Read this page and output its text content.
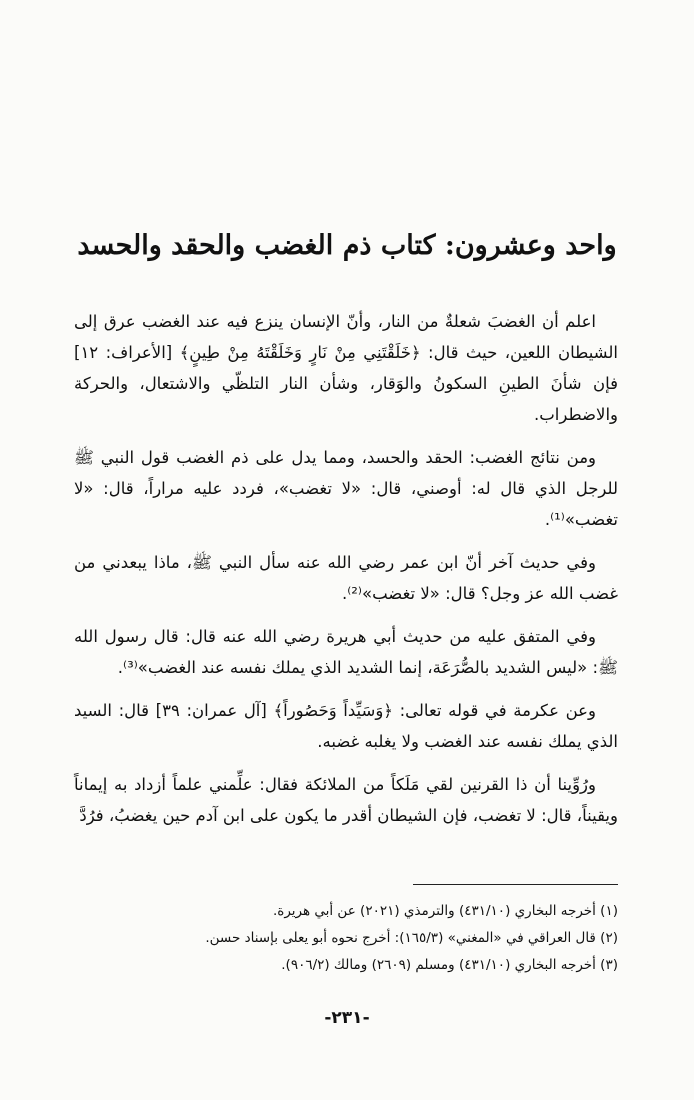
واحد وعشرون: كتاب ذم الغضب والحقد والحسد

اعلم أن الغضبَ شعلةٌ من النار، وأنّ الإنسان ينزع فيه عند الغضب عرق إلى الشيطان اللعين، حيث قال: ﴿خَلَقْتَنِي مِنْ نَارٍ وَخَلَقْتَهُ مِنْ طِينٍ﴾ [الأعراف: ١٢] فإن شأنَ الطينِ السكونُ والوَقار، وشأن النار التلظّي والاشتعال، والحركة والاضطراب.

ومن نتائج الغضب: الحقد والحسد، ومما يدل على ذم الغضب قول النبي ﷺ للرجل الذي قال له: أوصني، قال: «لا تغضب»، فردد عليه مراراً، قال: «لا تغضب»⁽¹⁾.

وفي حديث آخر أنّ ابن عمر رضي الله عنه سأل النبي ﷺ، ماذا يبعدني من غضب الله عز وجل؟ قال: «لا تغضب»⁽²⁾.

وفي المتفق عليه من حديث أبي هريرة رضي الله عنه قال: قال رسول الله ﷺ: «ليس الشديد بالصُّرَعَة، إنما الشديد الذي يملك نفسه عند الغضب»⁽³⁾.

وعن عكرمة في قوله تعالى: ﴿وَسَيِّداً وَحَصُوراً﴾ [آل عمران: ٣٩] قال: السيد الذي يملك نفسه عند الغضب ولا يغلبه غضبه.

ورُوِّينا أن ذا القرنين لقي مَلَكاً من الملائكة فقال: علِّمني علماً أزداد به إيماناً ويقيناً، قال: لا تغضب، فإن الشيطان أقدر ما يكون على ابن آدم حين يغضبُ، فرُدَّ

(١) أخرجه البخاري (٤٣١/١٠) والترمذي (٢٠٢١) عن أبي هريرة.

(٢) قال العراقي في «المغني» (١٦٥/٣): أخرج نحوه أبو يعلى بإسناد حسن.

(٣) أخرجه البخاري (٤٣١/١٠) ومسلم (٢٦٠٩) ومالك (٩٠٦/٢).

-٢٣١-
